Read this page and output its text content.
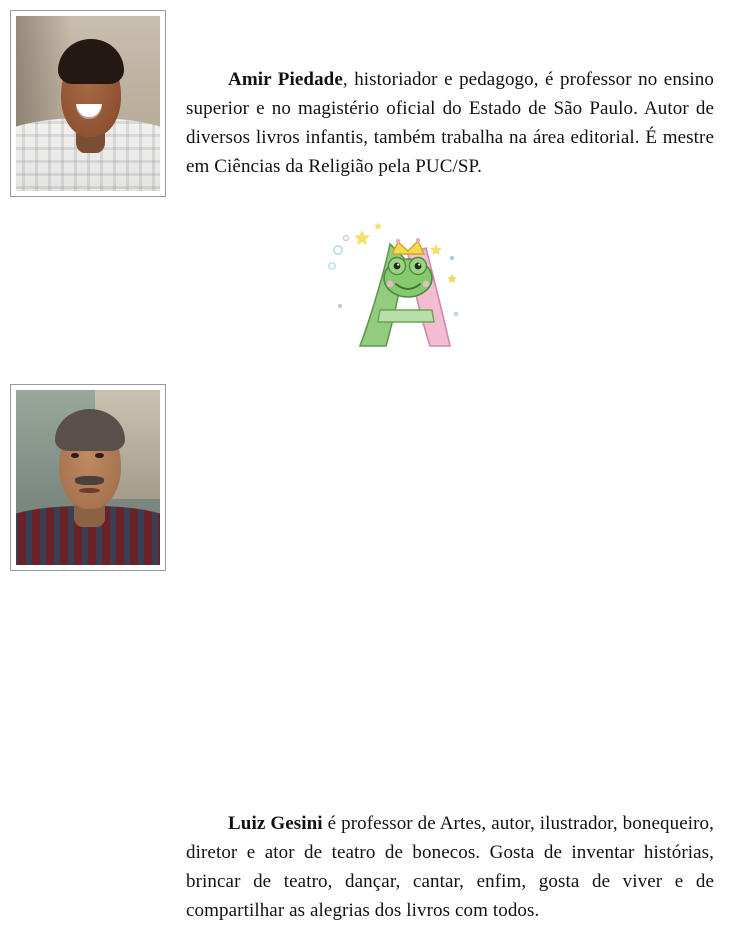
Amir Piedade, historiador e pedagogo, é professor no ensino superior e no magistério oficial do Estado de São Paulo. Autor de diversos livros infantis, também trabalha na área editorial. É mestre em Ciências da Religião pela PUC/SP.

Luiz Gesini é professor de Artes, autor, ilustrador, bonequeiro, diretor e ator de teatro de bonecos. Gosta de inventar histórias, brincar de teatro, dançar, cantar, enfim, gosta de viver e de compartilhar as alegrias dos livros com todos.
